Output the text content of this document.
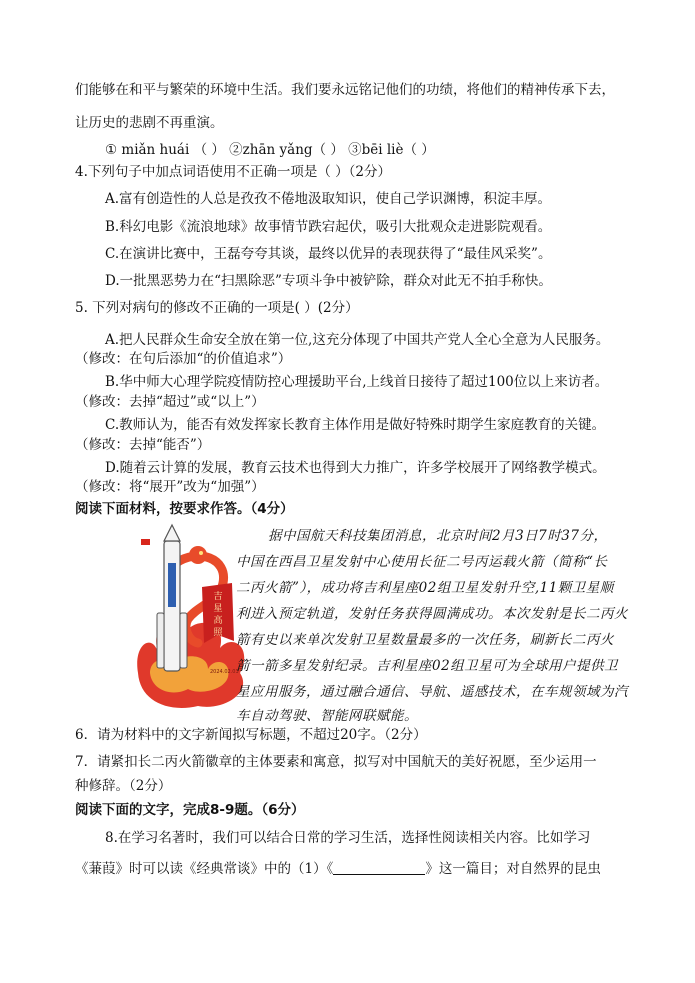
们能够在和平与繁荣的环境中生活。我们要永远铭记他们的功绩，将他们的精神传承下去，
让历史的悲剧不再重演。
① miǎn huái （ ） ②zhān yǎng（ ） ③bēi liè（ ）
4.下列句子中加点词语使用不正确一项是（ ）（2分）
A.富有创造性的人总是孜孜不倦地汲取知识，使自己学识渊博，积淀丰厚。
B.科幻电影《流浪地球》故事情节跌宕起伏，吸引大批观众走进影院观看。
C.在演讲比赛中，王磊夸夸其谈，最终以优异的表现获得了“最佳风采奖”。
D.一批黑恶势力在“扫黑除恶”专项斗争中被铲除，群众对此无不拍手称快。
5. 下列对病句的修改不正确的一项是( ）(2分）
A.把人民群众生命安全放在第一位,这充分体现了中国共产党人全心全意为人民服务。
（修改：在句后添加“的价值追求”）
B.华中师大心理学院疫情防控心理援助平台,上线首日接待了超过100位以上来访者。
（修改：去掉“超过”或“以上”）
C.教师认为，能否有效发挥家长教育主体作用是做好特殊时期学生家庭教育的关键。
（修改：去掉“能否”）
D.随着云计算的发展，教育云技术也得到大力推广，许多学校展开了网络教学模式。
（修改：将“展开”改为“加强”）
阅读下面材料，按要求作答。（4分）
吉
星
高
照
2024.02.03
据中国航天科技集团消息，北京时间2月3日7时37分，
中国在西昌卫星发射中心使用长征二号丙运载火箭（简称“长
二丙火箭”），成功将吉利星座02组卫星发射升空,11颗卫星顺
利进入预定轨道，发射任务获得圆满成功。本次发射是长二丙火
箭有史以来单次发射卫星数量最多的一次任务，刷新长二丙火
箭一箭多星发射纪录。吉利星座02组卫星可为全球用户提供卫
星应用服务，通过融合通信、导航、遥感技术，在车规领域为汽
车自动驾驶、智能网联赋能。
6．请为材料中的文字新闻拟写标题，不超过20字。（2分）
7．请紧扣长二丙火箭徽章的主体要素和寓意，拟写对中国航天的美好祝愿，至少运用一
种修辞。（2分）
阅读下面的文字，完成8-9题。（6分）
8.在学习名著时，我们可以结合日常的学习生活，选择性阅读相关内容。比如学习
《蒹葭》时可以读《经典常谈》中的（1）《	》这一篇目；对自然界的昆虫
